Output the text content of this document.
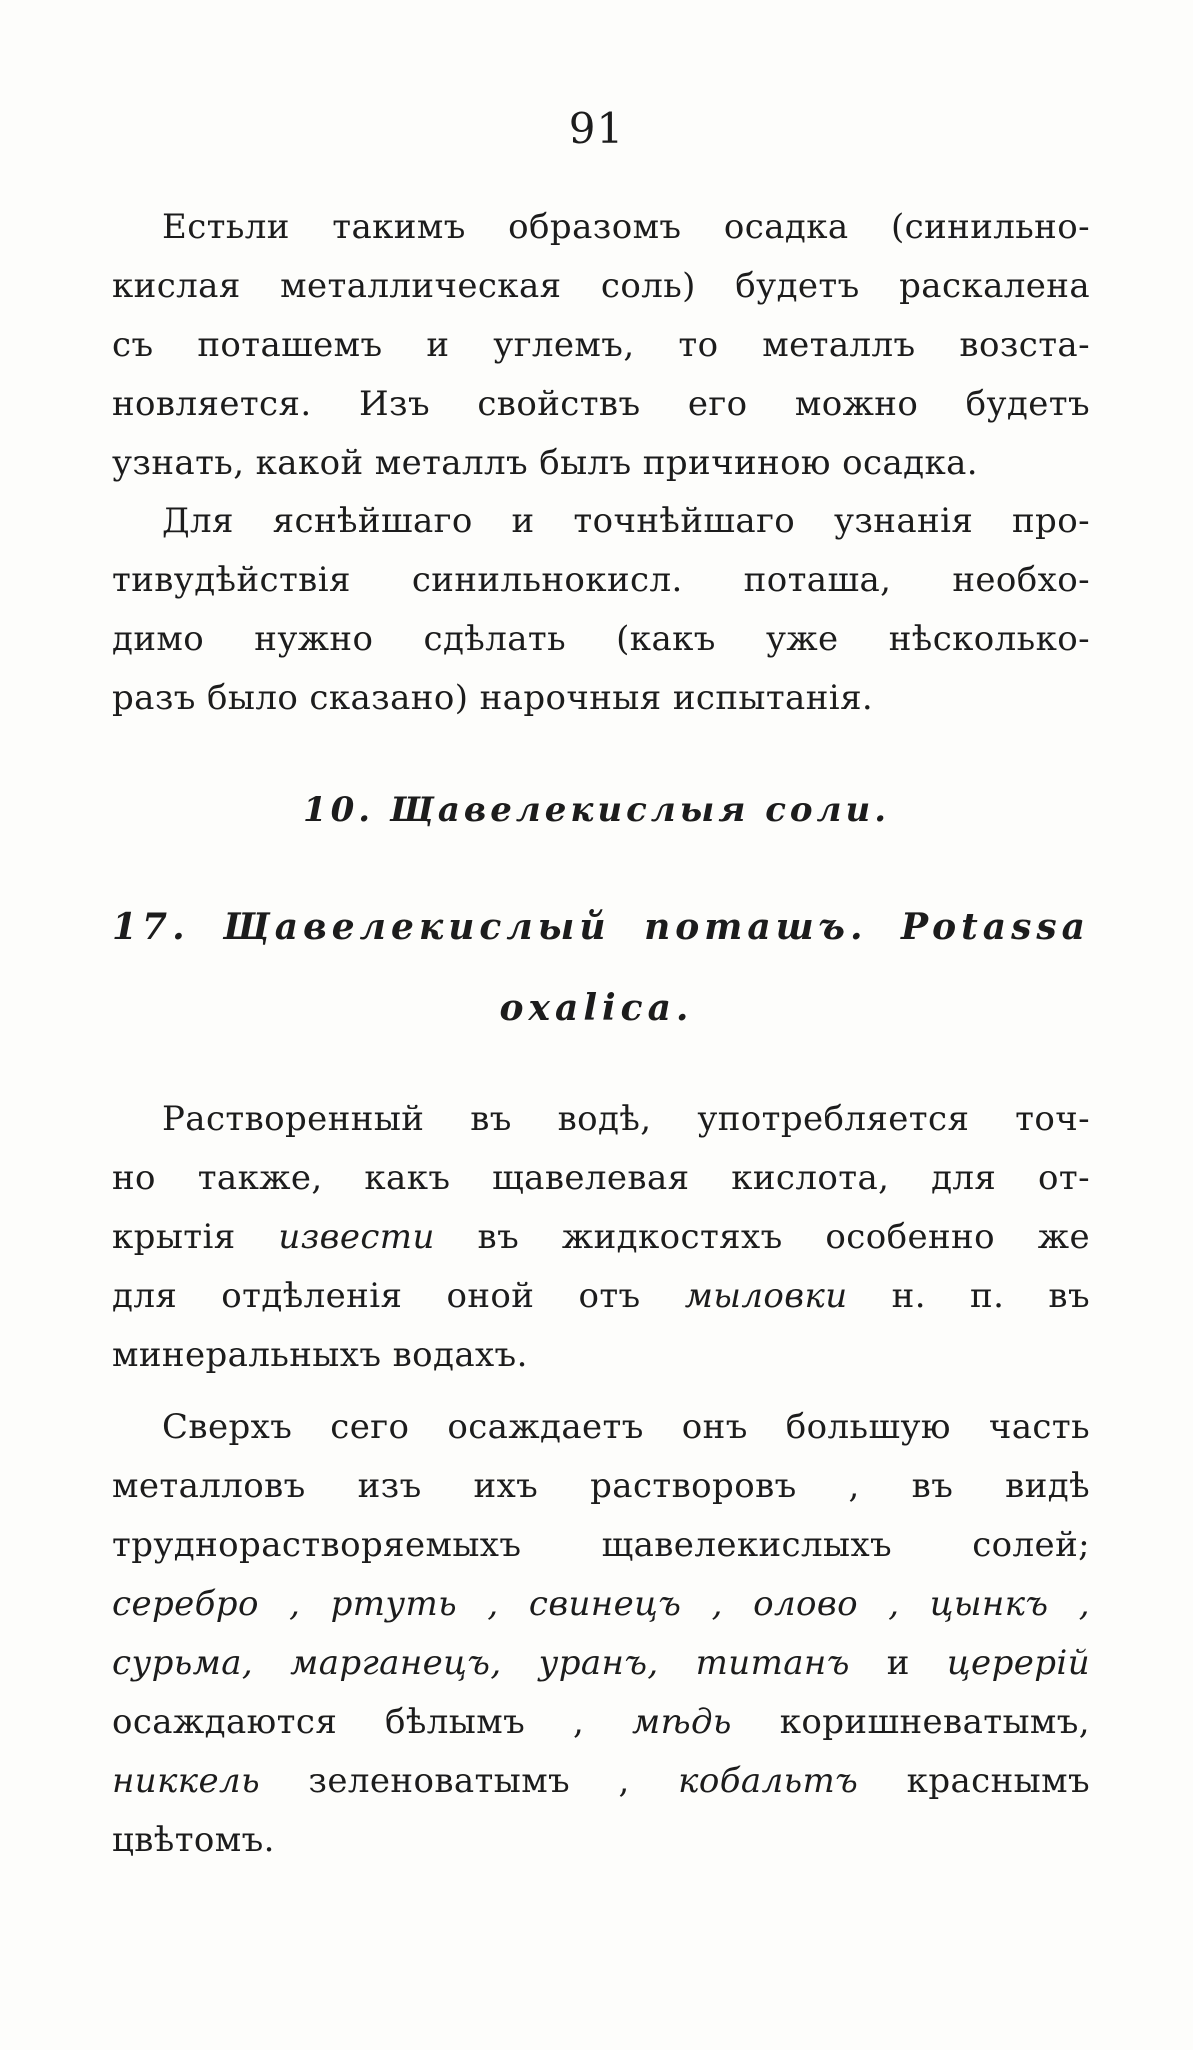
91
Естьли такимъ образомъ осадка (синильно-
кислая металлическая соль) будетъ раскалена
съ поташемъ и углемъ, то металлъ возста-
новляется. Изъ свойствъ его можно будетъ
узнать, какой металлъ былъ причиною осадка.
Для яснѣйшаго и точнѣйшаго узнанія про-
тивудѣйствія синильнокисл. поташа, необхо-
димо нужно сдѣлать (какъ уже нѣсколько-
разъ было сказано) нарочныя испытанія.
10. Щавелекислыя соли.
17. Щавелекислый поташъ. Potassa
oxalica.
Растворенный въ водѣ, употребляется точ-
но также, какъ щавелевая кислота, для от-
крытія извести въ жидкостяхъ особенно же
для отдѣленія оной отъ мыловки н. п. въ
минеральныхъ водахъ.
Сверхъ сего осаждаетъ онъ большую часть
металловъ изъ ихъ растворовъ , въ видѣ
труднорастворяемыхъ щавелекислыхъ солей;
серебро , ртуть , свинецъ , олово , цынкъ ,
сурьма, марганецъ, уранъ, титанъ и церерій
осаждаются бѣлымъ , мѣдь коришневатымъ,
никкель зеленоватымъ , кобальтъ краснымъ
цвѣтомъ.
